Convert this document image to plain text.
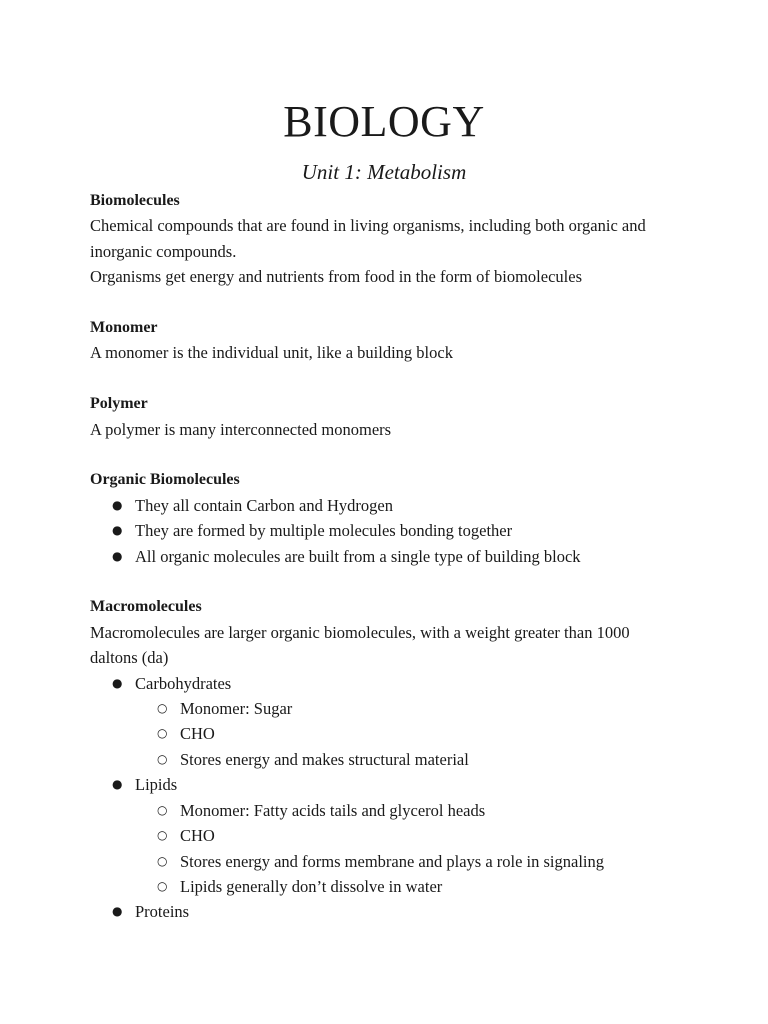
BIOLOGY

Unit 1: Metabolism

Biomolecules

Chemical compounds that are found in living organisms, including both organic and

inorganic compounds.

Organisms get energy and nutrients from food in the form of biomolecules

Monomer

A monomer is the individual unit, like a building block

Polymer

A polymer is many interconnected monomers

Organic Biomolecules

● They all contain Carbon and Hydrogen
● They are formed by multiple molecules bonding together
● All organic molecules are built from a single type of building block

Macromolecules

Macromolecules are larger organic biomolecules, with a weight greater than 1000

daltons (da)

● Carbohydrates
○ Monomer: Sugar
○ CHO
○ Stores energy and makes structural material
● Lipids
○ Monomer: Fatty acids tails and glycerol heads
○ CHO
○ Stores energy and forms membrane and plays a role in signaling
○ Lipids generally don’t dissolve in water
● Proteins
